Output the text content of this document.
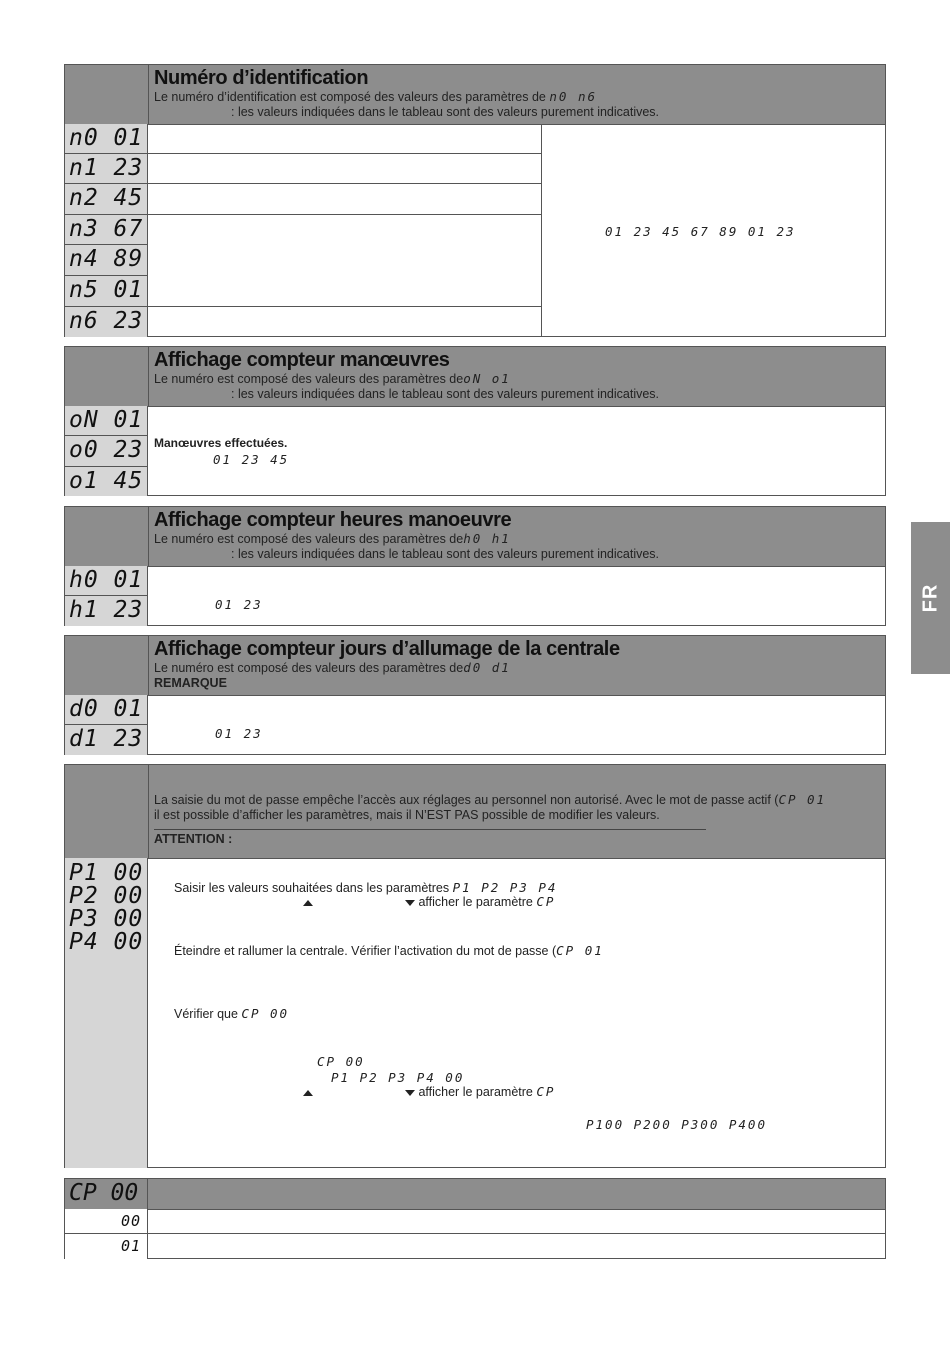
FR
Numéro d’identification
Le numéro d’identification est composé des valeurs des paramètres de n0 n6
: les valeurs indiquées dans le tableau sont des valeurs purement indicatives.
n0 01
n1 23
n2 45
n3 67
n4 89
n5 01
n6 23
01 23 45 67 89 01 23
Affichage compteur manœuvres
Le numéro est composé des valeurs des paramètres deoN o1
: les valeurs indiquées dans le tableau sont des valeurs purement indicatives.
oN 01
o0 23
o1 45
Manœuvres effectuées.
01 23 45
Affichage compteur heures manoeuvre
Le numéro est composé des valeurs des paramètres deh0 h1
: les valeurs indiquées dans le tableau sont des valeurs purement indicatives.
h0 01
h1 23	01 23
Affichage compteur jours d’allumage de la centrale
Le numéro est composé des valeurs des paramètres ded0 d1
REMARQUE
d0 01
d1 23	01 23
La saisie du mot de passe empêche l’accès aux réglages au personnel non autorisé. Avec le mot de passe actif (CP 01
il est possible d’afficher les paramètres, mais il N’EST PAS possible de modifier les valeurs.
ATTENTION :
P1 00
P2 00
P3 00
P4 00
Saisir les valeurs souhaitées dans les paramètres P1 P2 P3 P4
afficher le paramètre CP
Éteindre et rallumer la centrale. Vérifier l’activation du mot de passe (CP 01
Vérifier que CP 00
CP 00
P1 P2 P3 P4 00
afficher le paramètre CP
P100 P200 P300 P400
CP 00
00
01
